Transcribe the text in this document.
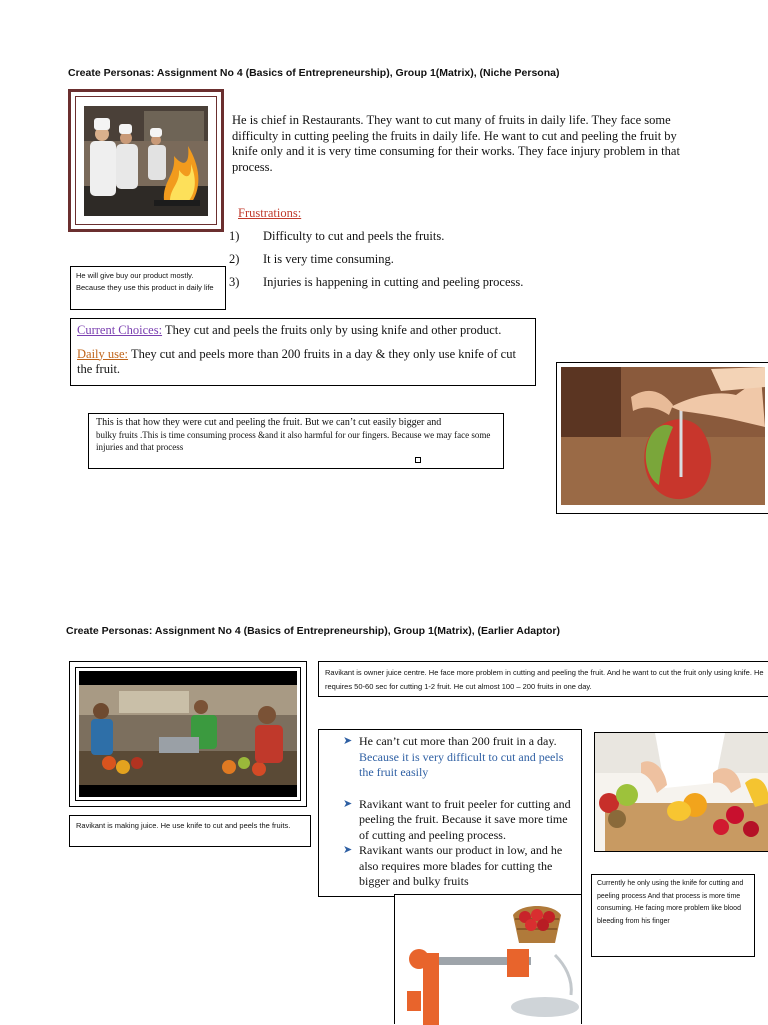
Create Personas: Assignment No 4 (Basics of Entrepreneurship), Group 1(Matrix), (Niche Persona)
He is chief in Restaurants. They want to cut many of fruits in daily life. They face some difficulty in cutting peeling the fruits in daily life. He want to cut and peeling the fruit by knife only and it is very time consuming for their works. They face injury problem in that process.
Frustrations:
1) Difficulty to cut and peels the fruits.
2) It is very time consuming.
3) Injuries is happening in cutting and peeling process.
He will give buy our product mostly. Because they use this product in daily life
Current Choices: They cut and peels the fruits only by using knife and other product.
Daily use: They cut and peels more than 200 fruits in a day & they only use knife of cut the fruit.
This is that how they were cut and peeling the fruit. But we can’t cut easily bigger and
bulky fruits .This is time consuming process &and it also harmful for our fingers. Because we may face some injuries and that process
Create Personas: Assignment No 4 (Basics of Entrepreneurship), Group 1(Matrix), (Earlier Adaptor)
Ravikant is making juice. He use knife to cut and peels the fruits.
Ravikant is owner juice centre. He face more problem in cutting and peeling the fruit. And he want to cut the fruit only using knife. He requires 50-60 sec for cutting 1-2 fruit. He cut almost 100 – 200 fruits in one day.
➤ He can’t cut more than 200 fruit in a day.
Because it is very difficult to cut and peels the fruit easily
➤ Ravikant want to fruit peeler for cutting and peeling the fruit. Because it save more time of cutting and peeling process.
➤ Ravikant wants our product in low, and he also requires more blades for cutting the bigger and bulky fruits	Currently he only using the knife for cutting and peeling process And that process is more time consuming. He facing more problem like blood bleeding from his finger
